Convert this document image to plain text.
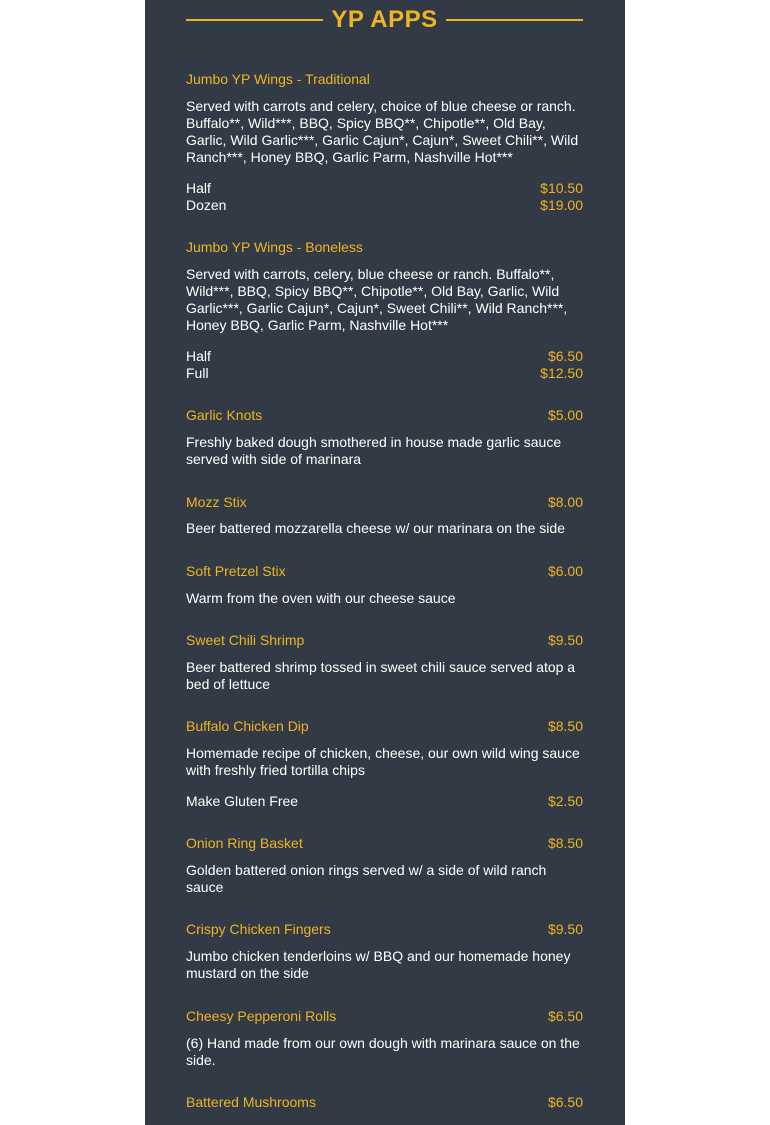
YP APPS
Jumbo YP Wings - Traditional
Served with carrots and celery, choice of blue cheese or ranch. Buffalo**, Wild***, BBQ, Spicy BBQ**, Chipotle**, Old Bay, Garlic, Wild Garlic***, Garlic Cajun*, Cajun*, Sweet Chili**, Wild Ranch***, Honey BBQ, Garlic Parm, Nashville Hot***
Half	$10.50
Dozen	$19.00
Jumbo YP Wings - Boneless
Served with carrots, celery, blue cheese or ranch. Buffalo**, Wild***, BBQ, Spicy BBQ**, Chipotle**, Old Bay, Garlic, Wild Garlic***, Garlic Cajun*, Cajun*, Sweet Chili**, Wild Ranch***, Honey BBQ, Garlic Parm, Nashville Hot***
Half	$6.50
Full	$12.50
Garlic Knots	$5.00
Freshly baked dough smothered in house made garlic sauce served with side of marinara
Mozz Stix	$8.00
Beer battered mozzarella cheese w/ our marinara on the side
Soft Pretzel Stix	$6.00
Warm from the oven with our cheese sauce
Sweet Chili Shrimp	$9.50
Beer battered shrimp tossed in sweet chili sauce served atop a bed of lettuce
Buffalo Chicken Dip	$8.50
Homemade recipe of chicken, cheese, our own wild wing sauce with freshly fried tortilla chips
Make Gluten Free	$2.50
Onion Ring Basket	$8.50
Golden battered onion rings served w/ a side of wild ranch sauce
Crispy Chicken Fingers	$9.50
Jumbo chicken tenderloins w/ BBQ and our homemade honey mustard on the side
Cheesy Pepperoni Rolls	$6.50
(6) Hand made from our own dough with marinara sauce on the side.
Battered Mushrooms	$6.50
